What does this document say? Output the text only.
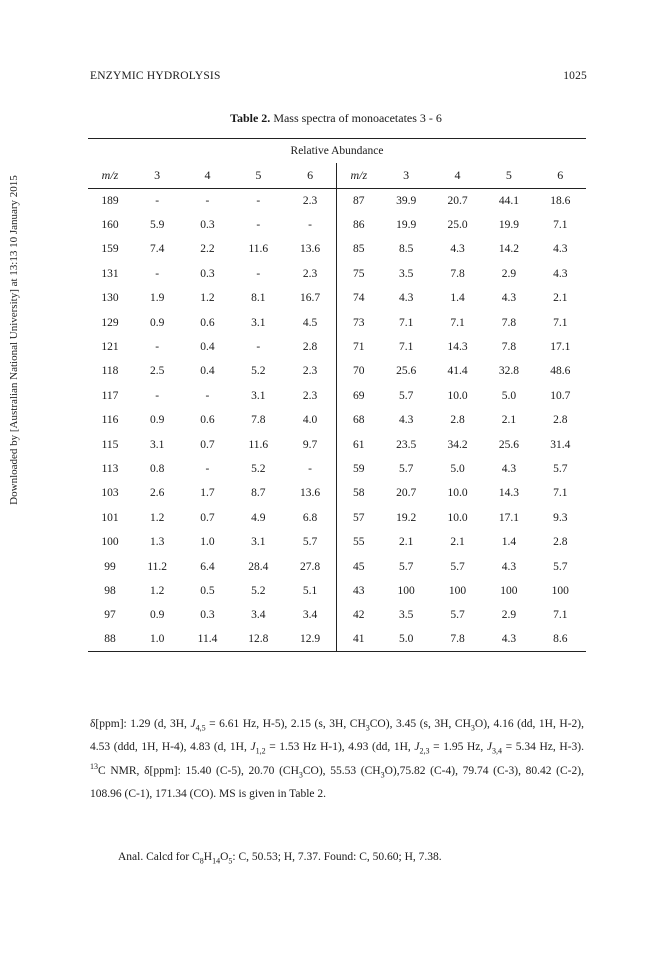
ENZYMIC HYDROLYSIS	1025
Downloaded by [Australian National University] at 13:13 10 January 2015
Table 2. Mass spectra of monoacetates 3 - 6
Relative Abundance									
m/z	3	4	5	6	m/z	3	4	5	6
189	-	-	-	2.3	87	39.9	20.7	44.1	18.6
160	5.9	0.3	-	-	86	19.9	25.0	19.9	7.1
159	7.4	2.2	11.6	13.6	85	8.5	4.3	14.2	4.3
131	-	0.3	-	2.3	75	3.5	7.8	2.9	4.3
130	1.9	1.2	8.1	16.7	74	4.3	1.4	4.3	2.1
129	0.9	0.6	3.1	4.5	73	7.1	7.1	7.8	7.1
121	-	0.4	-	2.8	71	7.1	14.3	7.8	17.1
118	2.5	0.4	5.2	2.3	70	25.6	41.4	32.8	48.6
117	-	-	3.1	2.3	69	5.7	10.0	5.0	10.7
116	0.9	0.6	7.8	4.0	68	4.3	2.8	2.1	2.8
115	3.1	0.7	11.6	9.7	61	23.5	34.2	25.6	31.4
113	0.8	-	5.2	-	59	5.7	5.0	4.3	5.7
103	2.6	1.7	8.7	13.6	58	20.7	10.0	14.3	7.1
101	1.2	0.7	4.9	6.8	57	19.2	10.0	17.1	9.3
100	1.3	1.0	3.1	5.7	55	2.1	2.1	1.4	2.8
99	11.2	6.4	28.4	27.8	45	5.7	5.7	4.3	5.7
98	1.2	0.5	5.2	5.1	43	100	100	100	100
97	0.9	0.3	3.4	3.4	42	3.5	5.7	2.9	7.1
88	1.0	11.4	12.8	12.9	41	5.0	7.8	4.3	8.6

δ[ppm]: 1.29 (d, 3H, $J_{4,5} = 6.61$ Hz, H-5), 2.15 (s, 3H, $CH_3CO$), 3.45 (s, 3H, $CH_3O$), 4.16 (dd, 1H, H-2), 4.53 (ddd, 1H, H-4), 4.83 (d, 1H, $J_{1,2} = 1.53$ Hz H-1), 4.93 (dd, 1H, $J_{2,3} = 1.95$ Hz, $J_{3,4} = 5.34$ Hz, H-3). $^{13}$C NMR, δ[ppm]: 15.40 (C-5), 20.70 $(CH_3CO)$, 55.53 $(CH_3O),75.82$ (C-4), 79.74 (C-3), 80.42 (C-2), 108.96 (C-1), 171.34 (CO). MS is given in Table 2.

Anal. Calcd for $C_8H_{14}O_5$: C, 50.53; H, 7.37. Found: C, 50.60; H, 7.38.
